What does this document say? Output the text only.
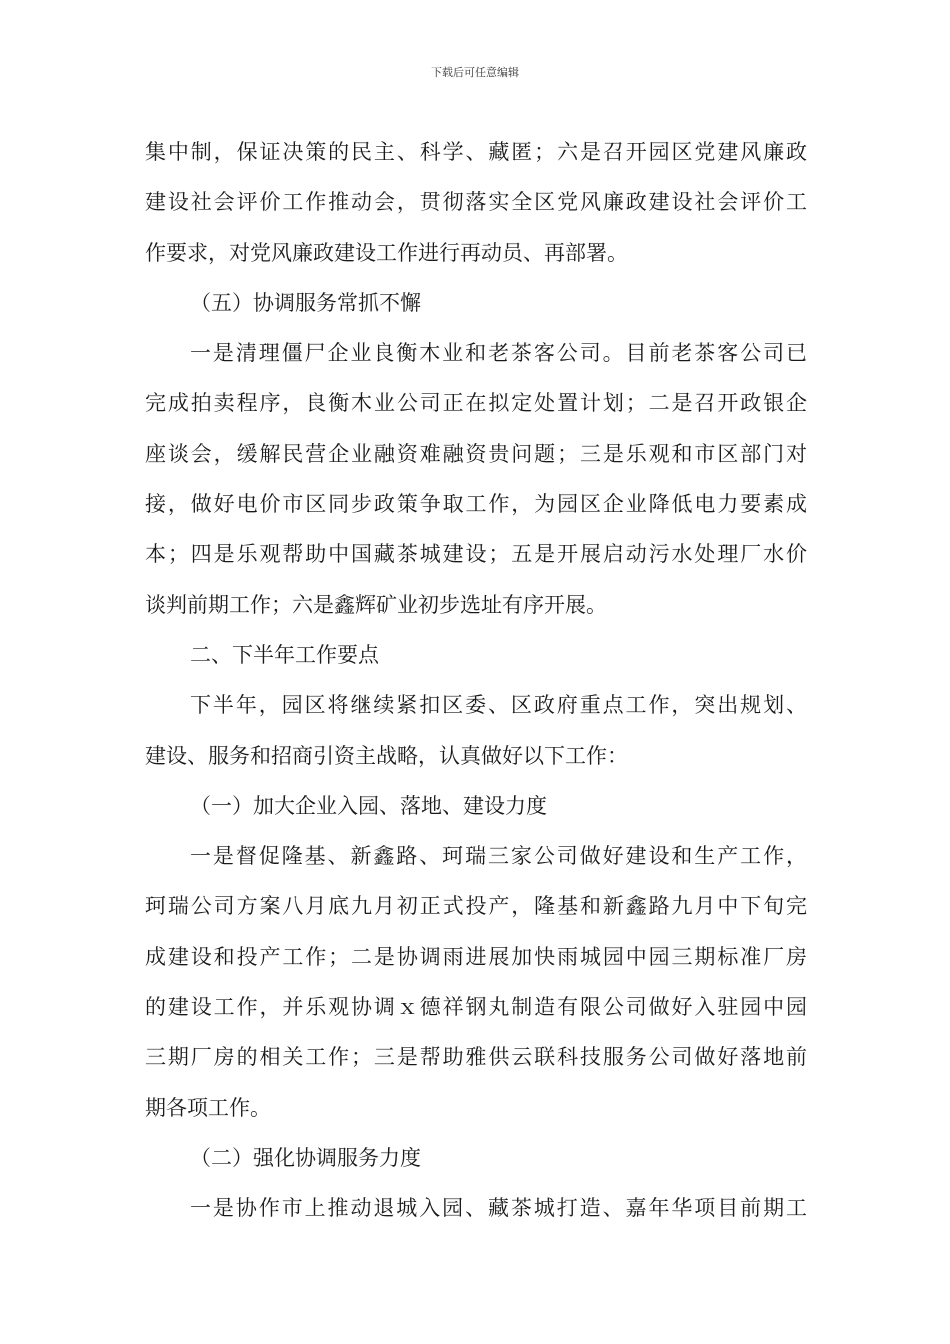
下载后可任意编辑
集中制，保证决策的民主、科学、藏匿；六是召开园区党建风廉政
建设社会评价工作推动会，贯彻落实全区党风廉政建设社会评价工
作要求，对党风廉政建设工作进行再动员、再部署。
（五）协调服务常抓不懈
一是清理僵尸企业良衡木业和老茶客公司。目前老茶客公司已
完成拍卖程序，良衡木业公司正在拟定处置计划；二是召开政银企
座谈会，缓解民营企业融资难融资贵问题；三是乐观和市区部门对
接，做好电价市区同步政策争取工作，为园区企业降低电力要素成
本；四是乐观帮助中国藏茶城建设；五是开展启动污水处理厂水价
谈判前期工作；六是鑫辉矿业初步选址有序开展。
二、下半年工作要点
下半年，园区将继续紧扣区委、区政府重点工作，突出规划、
建设、服务和招商引资主战略，认真做好以下工作：
（一）加大企业入园、落地、建设力度
一是督促隆基、新鑫路、珂瑞三家公司做好建设和生产工作，
珂瑞公司方案八月底九月初正式投产，隆基和新鑫路九月中下旬完
成建设和投产工作；二是协调雨进展加快雨城园中园三期标准厂房
的建设工作，并乐观协调ｘ德祥钢丸制造有限公司做好入驻园中园
三期厂房的相关工作；三是帮助雅供云联科技服务公司做好落地前
期各项工作。
（二）强化协调服务力度
一是协作市上推动退城入园、藏茶城打造、嘉年华项目前期工
